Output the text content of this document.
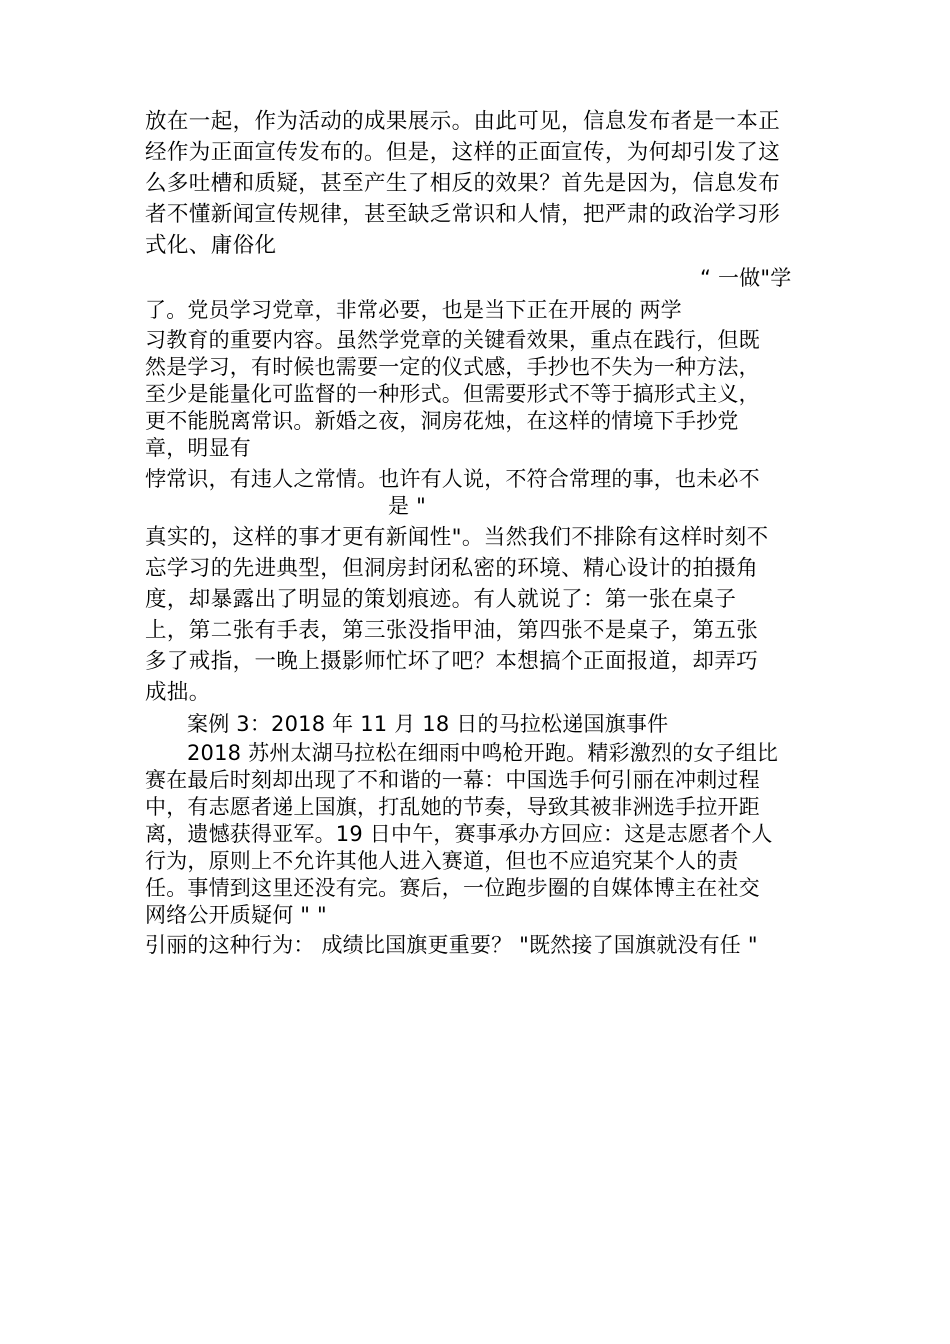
放在一起，作为活动的成果展示。由此可见，信息发布者是一本正
经作为正面宣传发布的。但是，这样的正面宣传，为何却引发了这
么多吐槽和质疑，甚至产生了相反的效果？首先是因为，信息发布
者不懂新闻宣传规律，甚至缺乏常识和人情，把严肃的政治学习形
式化、庸俗化
“ 一做"学
了。党员学习党章，非常必要，也是当下正在开展的 两学
习教育的重要内容。虽然学党章的关键看效果，重点在践行，但既
然是学习，有时候也需要一定的仪式感，手抄也不失为一种方法，
至少是能量化可监督的一种形式。但需要形式不等于搞形式主义，
更不能脱离常识。新婚之夜，洞房花烛，在这样的情境下手抄党
章，明显有
悖常识，有违人之常情。也许有人说，不符合常理的事，也未必不
是 "
真实的，这样的事才更有新闻性"。当然我们不排除有这样时刻不
忘学习的先进典型，但洞房封闭私密的环境、精心设计的拍摄角
度，却暴露出了明显的策划痕迹。有人就说了：第一张在桌子
上，第二张有手表，第三张没指甲油，第四张不是桌子，第五张
多了戒指，一晚上摄影师忙坏了吧？本想搞个正面报道，却弄巧
成拙。
案例 3：2018 年 11 月 18 日的马拉松递国旗事件
2018 苏州太湖马拉松在细雨中鸣枪开跑。精彩激烈的女子组比
赛在最后时刻却出现了不和谐的一幕：中国选手何引丽在冲刺过程
中，有志愿者递上国旗，打乱她的节奏，导致其被非洲选手拉开距
离，遗憾获得亚军。19 日中午，赛事承办方回应：这是志愿者个人
行为，原则上不允许其他人进入赛道，但也不应追究某个人的责
任。事情到这里还没有完。赛后，一位跑步圈的自媒体博主在社交
网络公开质疑何 " "
引丽的这种行为： 成绩比国旗更重要？ "既然接了国旗就没有任 "
